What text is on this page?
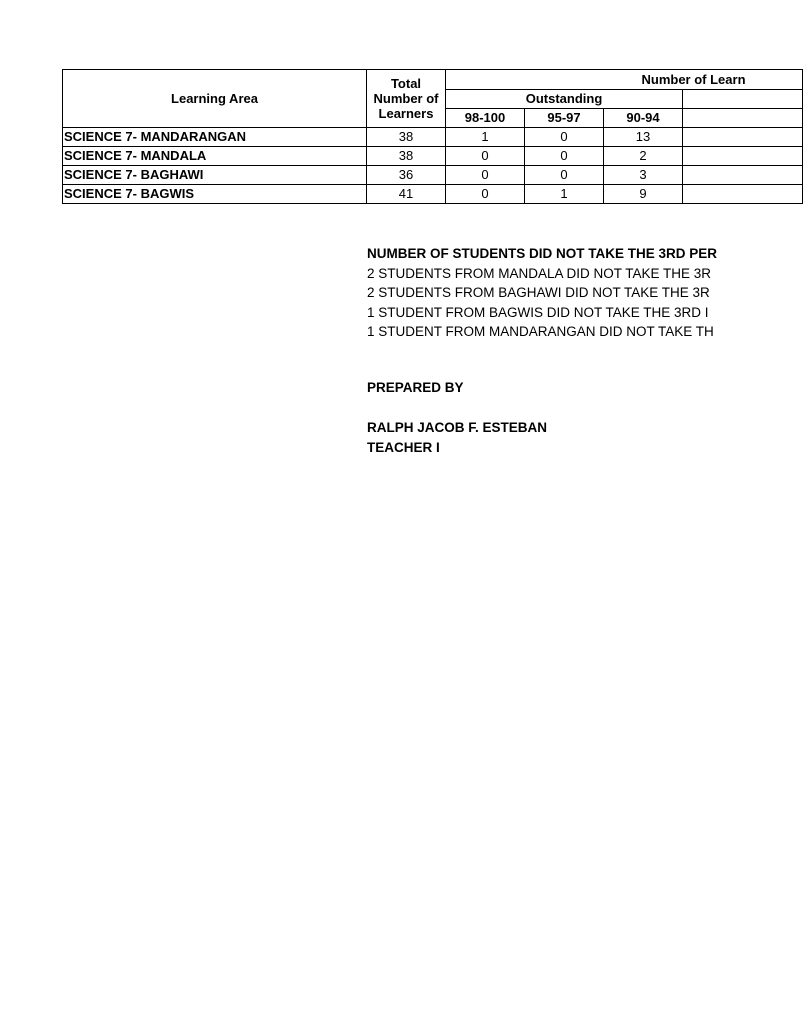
Learning Area	Total Number of Learners	Number of Learn			
		Outstanding			
		98-100	95-97	90-94	
SCIENCE 7- MANDARANGAN	38	1	0	13	
SCIENCE 7- MANDALA	38	0	0	2	
SCIENCE 7- BAGHAWI	36	0	0	3	
SCIENCE 7- BAGWIS	41	0	1	9	
NUMBER OF STUDENTS DID NOT TAKE THE 3RD PER
2 STUDENTS FROM MANDALA DID NOT TAKE THE 3R
2 STUDENTS FROM BAGHAWI DID NOT TAKE THE 3R
1 STUDENT FROM BAGWIS DID NOT TAKE THE 3RD I
1 STUDENT FROM MANDARANGAN DID NOT TAKE TH
PREPARED BY
RALPH JACOB F. ESTEBAN
TEACHER I
